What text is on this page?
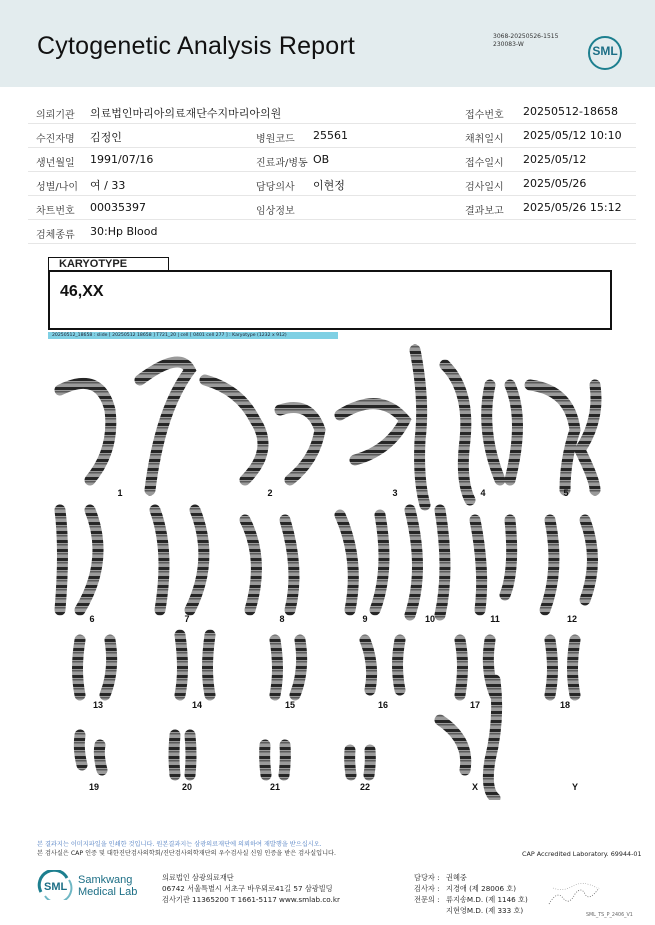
Cytogenetic Analysis Report	3068-20250526-1515
230083-W	SML
의뢰기관 의료법인마리아의료재단수지마리아의원	접수번호 20250512-18658
수진자명 김정인	병원코드 25561	채취일시 2025/05/12 10:10
생년월일 1991/07/16	진료과/병동 OB	접수일시 2025/05/12
성별/나이 여 / 33	담당의사 이현정	검사일시 2025/05/26
차트번호 00035397	임상정보	결과보고 2025/05/26 15:12
검체종류 30:Hp Blood
KARYOTYPE
46,XX
20250512_18658 : slide [ 20250512 18658 ] T721_20 | cell [ 0401 cell 277 ] : Karyotype (1232 x 912)
1	2	3	4	5
6	7	8	9	10	11	12
13	14	15	16	17	18
19	20	21	22	X	Y
본 결과지는 이미지파일을 인쇄한 것입니다. 원본결과지는 삼광의료재단에 의뢰하여 재발행을 받으십시오.
본 검사실은 CAP 인증 및 대한진단검사의학회/진단검사의학재단의 우수검사실 신임 인증을 받은 검사실입니다.	CAP Accredited Laboratory. 69944-01
SML
Samkwang
Medical Lab
의료법인 삼광의료재단
06742 서울특별시 서초구 바우뫼로41길 57 삼광빌딩
검사기관 11365200 T 1661-5117 www.smlab.co.kr
담당자 : 권혜중
검사자 : 지경애 (제 28006 호)
전문의 : 류지송M.D. (제 1146 호)
지현영M.D. (제 333 호)
SML_TS_P_2406_V1
